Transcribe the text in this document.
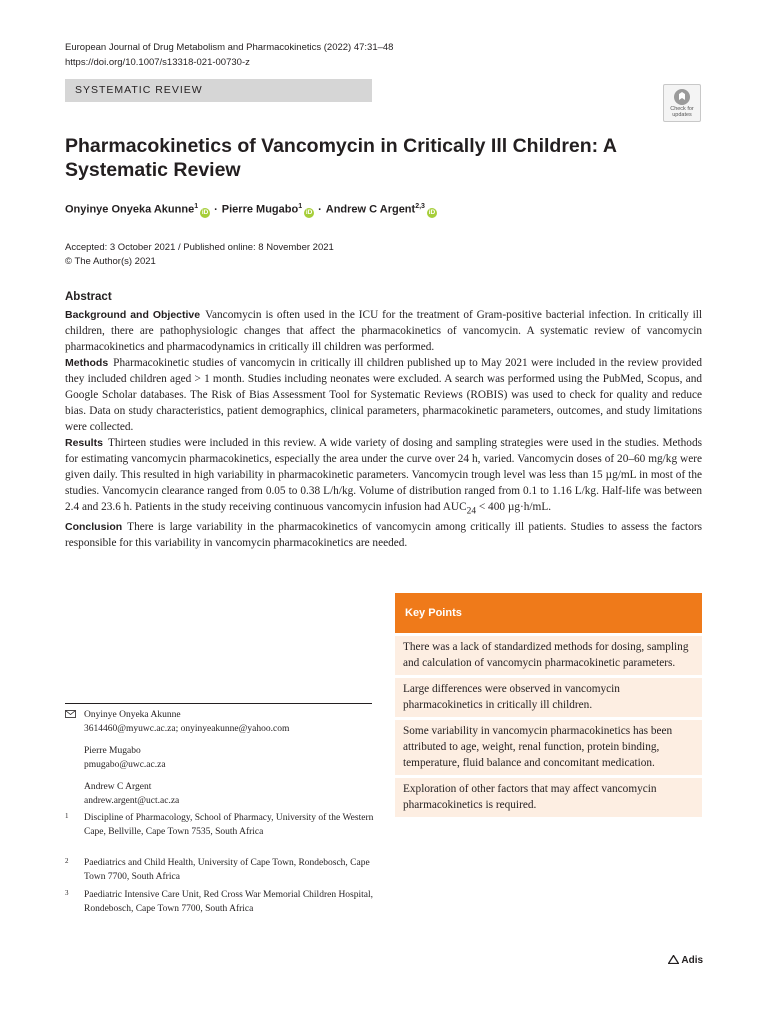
European Journal of Drug Metabolism and Pharmacokinetics (2022) 47:31–48
https://doi.org/10.1007/s13318-021-00730-z
SYSTEMATIC REVIEW
Check for
updates
Pharmacokinetics of Vancomycin in Critically Ill Children: A Systematic Review
Onyinye Onyeka Akunne$^1$iD · Pierre Mugabo$^1$iD · Andrew C Argent$^{2,3}$iD
Accepted: 3 October 2021 / Published online: 8 November 2021
© The Author(s) 2021
Abstract

Background and Objective Vancomycin is often used in the ICU for the treatment of Gram-positive bacterial infection. In critically ill children, there are pathophysiologic changes that affect the pharmacokinetics of vancomycin. A systematic review of vancomycin pharmacokinetics and pharmacodynamics in critically ill children was performed.

Methods Pharmacokinetic studies of vancomycin in critically ill children published up to May 2021 were included in the review provided they included children aged > 1 month. Studies including neonates were excluded. A search was performed using the PubMed, Scopus, and Google Scholar databases. The Risk of Bias Assessment Tool for Systematic Reviews (ROBIS) was used to check for quality and reduce bias. Data on study characteristics, patient demographics, clinical parameters, pharmacokinetic parameters, outcomes, and study limitations were collected.

Results Thirteen studies were included in this review. A wide variety of dosing and sampling strategies were used in the studies. Methods for estimating vancomycin pharmacokinetics, especially the area under the curve over 24 h, varied. Vancomycin doses of 20–60 mg/kg were given daily. This resulted in high variability in pharmacokinetic parameters. Vancomycin trough level was less than 15 µg/mL in most of the studies. Vancomycin clearance ranged from 0.05 to 0.38 L/h/kg. Volume of distribution ranged from 0.1 to 1.16 L/kg. Half-life was between 2.4 and 23.6 h. Patients in the study receiving continuous vancomycin infusion had $AUC_{24} < 400$ µg·h/mL.

Conclusion There is large variability in the pharmacokinetics of vancomycin among critically ill patients. Studies to assess the factors responsible for this variability in vancomycin pharmacokinetics are needed.

Key Points
There was a lack of standardized methods for dosing, sampling and calculation of vancomycin pharmacokinetic parameters.
Large differences were observed in vancomycin pharmacokinetics in critically ill children.
Some variability in vancomycin pharmacokinetics has been attributed to age, weight, renal function, protein binding, temperature, fluid balance and concomitant medication.
Exploration of other factors that may affect vancomycin pharmacokinetics is required.
Onyinye Onyeka Akunne
3614460@myuwc.ac.za; onyinyeakunne@yahoo.com
Pierre Mugabo
pmugabo@uwc.ac.za
Andrew C Argent
andrew.argent@uct.ac.za
1 Discipline of Pharmacology, School of Pharmacy, University of the Western Cape, Bellville, Cape Town 7535, South Africa
2 Paediatrics and Child Health, University of Cape Town, Rondebosch, Cape Town 7700, South Africa
3 Paediatric Intensive Care Unit, Red Cross War Memorial Children Hospital, Rondebosch, Cape Town 7700, South Africa
Adis
